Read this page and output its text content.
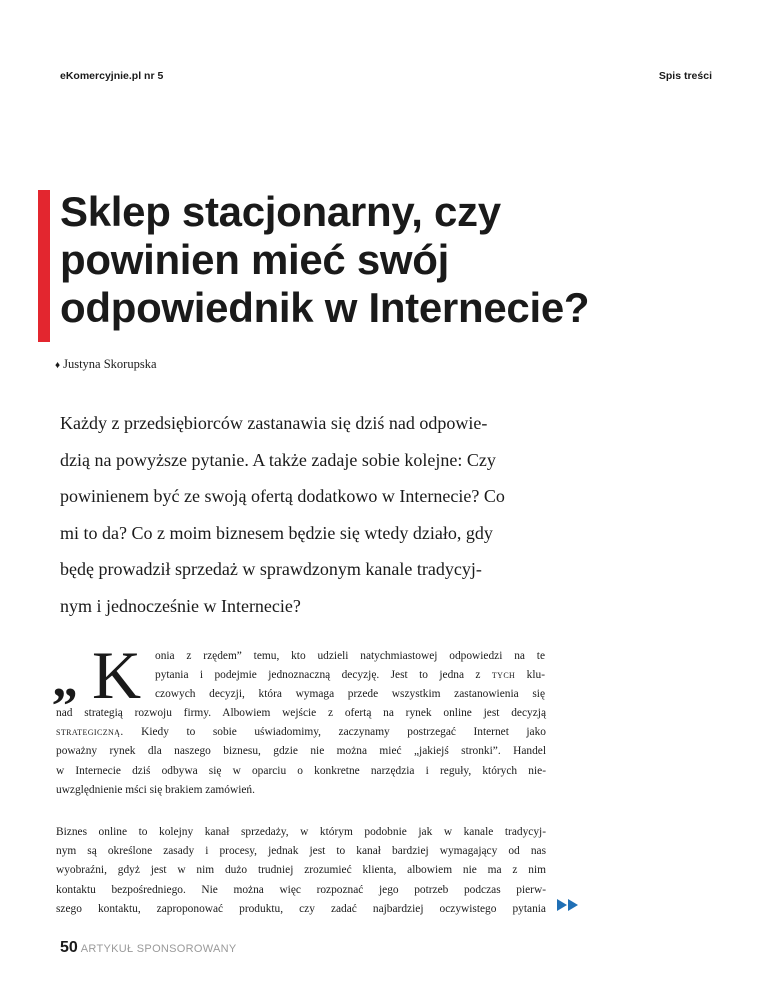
eKomercyjnie.pl nr 5	Spis treści
Sklep stacjonarny, czy
powinien mieć swój
odpowiednik w Internecie?
♦ Justyna Skorupska
Każdy z przedsiębiorców zastanawia się dziś nad odpowie-
dzią na powyższe pytanie. A także zadaje sobie kolejne: Czy
powinienem być ze swoją ofertą dodatkowo w Internecie? Co
mi to da? Co z moim biznesem będzie się wtedy działo, gdy
będę prowadził sprzedaż w sprawdzonym kanale tradycyj-
nym i jednocześnie w Internecie?
„ K onia z rzędem” temu, kto udzieli natychmiastowej odpowiedzi na te
pytania i podejmie jednoznaczną decyzję. Jest to jedna z tych klu-
czowych decyzji, która wymaga przede wszystkim zastanowienia się
nad strategią rozwoju firmy. Albowiem wejście z ofertą na rynek online jest decyzją
strategiczną. Kiedy to sobie uświadomimy, zaczynamy postrzegać Internet jako
poważny rynek dla naszego biznesu, gdzie nie można mieć „jakiejś stronki”. Handel
w Internecie dziś odbywa się w oparciu o konkretne narzędzia i reguły, których nie-
uwzględnienie mści się brakiem zamówień.
Biznes online to kolejny kanał sprzedaży, w którym podobnie jak w kanale tradycyj-
nym są określone zasady i procesy, jednak jest to kanał bardziej wymagający od nas
wyobraźni, gdyż jest w nim dużo trudniej zrozumieć klienta, albowiem nie ma z nim
kontaktu bezpośredniego. Nie można więc rozpoznać jego potrzeb podczas pierw-
szego kontaktu, zaproponować produktu, czy zadać najbardziej oczywistego pytania
50 ARTYKUŁ SPONSOROWANY
